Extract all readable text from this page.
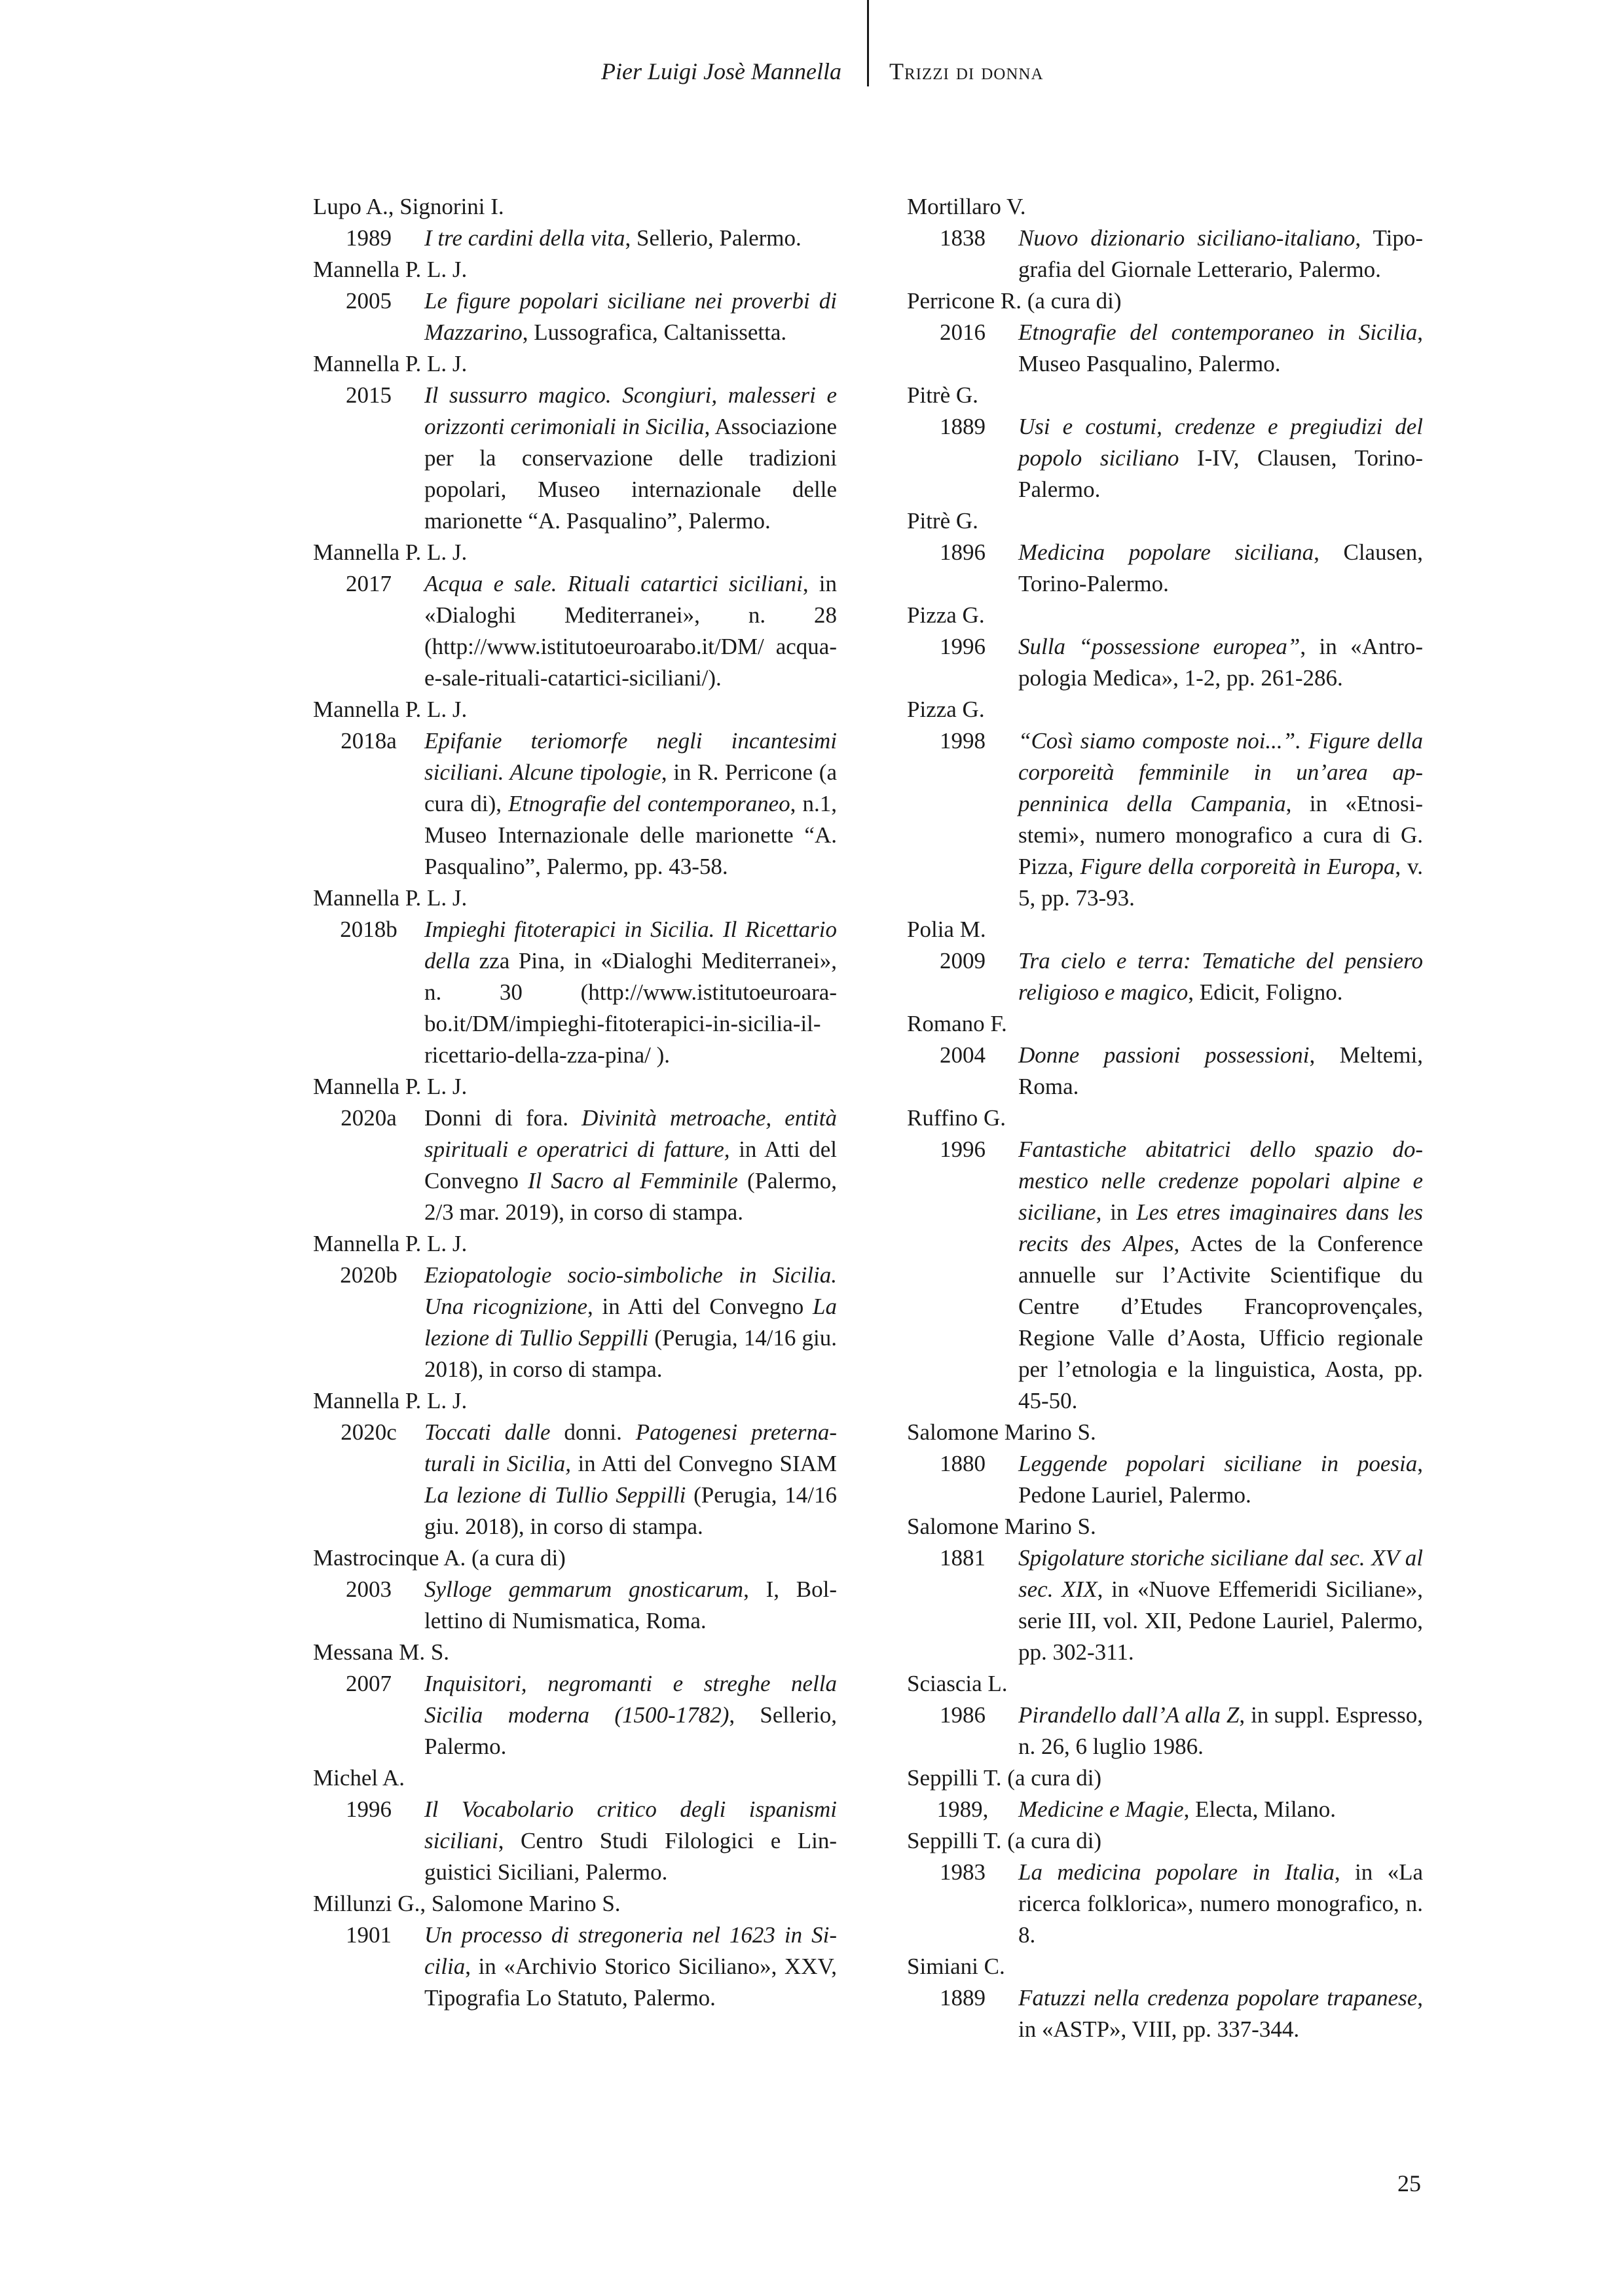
Pier Luigi Josè Mannella Trizzi di donna
Lupo A., Signorini I.
1989	I tre cardini della vita, Sellerio, Palermo.
Mannella P. L. J.
2005	Le figure popolari siciliane nei proverbi di Mazzarino, Lussografica, Caltanissetta.
Mannella P. L. J.
2015	Il sussurro magico. Scongiuri, malesseri e orizzonti cerimoniali in Sicilia, Associazione per la conservazione delle tradizioni popolari, Museo internazionale delle marionette “A. Pasqualino”, Palermo.
Mannella P. L. J.
2017	Acqua e sale. Rituali catartici siciliani, in «Dialoghi Mediterranei», n. 28 (http://www.istitutoeuroarabo.it/DM/ acqua-e-sale-rituali-catartici-siciliani/).
Mannella P. L. J.
2018a	Epifanie teriomorfe negli incantesimi siciliani. Alcune tipologie, in R. Perricone (a cura di), Etnografie del contemporaneo, n.1, Museo Internazionale delle marionette “A. Pasqualino”, Palermo, pp. 43-58.
Mannella P. L. J.
2018b	Impieghi fitoterapici in Sicilia. Il Ricettario della zza Pina, in «Dialoghi Mediterranei», n. 30 (http://www.istitutoeuroarabo.it/DM/impieghi-fitoterapici-in-sicilia-il-ricettario-della-zza-pina/ ).
Mannella P. L. J.
2020a	Donni di fora. Divinità metroache, entità spirituali e operatrici di fatture, in Atti del Convegno Il Sacro al Femminile (Palermo, 2/3 mar. 2019), in corso di stampa.
Mannella P. L. J.
2020b	Eziopatologie socio-simboliche in Sicilia. Una ricognizione, in Atti del Convegno La lezione di Tullio Seppilli (Perugia, 14/16 giu. 2018), in corso di stampa.
Mannella P. L. J.
2020c	Toccati dalle donni. Patogenesi preternaturali in Sicilia, in Atti del Convegno SIAM La lezione di Tullio Seppilli (Perugia, 14/16 giu. 2018), in corso di stampa.
Mastrocinque A. (a cura di)
2003	Sylloge gemmarum gnosticarum, I, Bollettino di Numismatica, Roma.
Messana M. S.
2007	Inquisitori, negromanti e streghe nella Sicilia moderna (1500-1782), Sellerio, Palermo.
Michel A.
1996	Il Vocabolario critico degli ispanismi siciliani, Centro Studi Filologici e Linguistici Siciliani, Palermo.
Millunzi G., Salomone Marino S.
1901	Un processo di stregoneria nel 1623 in Sicilia, in «Archivio Storico Siciliano», XXV, Tipografia Lo Statuto, Palermo.
Mortillaro V.
1838	Nuovo dizionario siciliano-italiano, Tipografia del Giornale Letterario, Palermo.
Perricone R. (a cura di)
2016	Etnografie del contemporaneo in Sicilia, Museo Pasqualino, Palermo.
Pitrè G.
1889	Usi e costumi, credenze e pregiudizi del popolo siciliano I-IV, Clausen, Torino-Palermo.
Pitrè G.
1896	Medicina popolare siciliana, Clausen, Torino-Palermo.
Pizza G.
1996	Sulla “possessione europea”, in «Antropologia Medica», 1-2, pp. 261-286.
Pizza G.
1998	“Così siamo composte noi...”. Figure della corporeità femminile in un’area appenninica della Campania, in «Etnosistemi», numero monografico a cura di G. Pizza, Figure della corporeità in Europa, v. 5, pp. 73-93.
Polia M.
2009	Tra cielo e terra: Tematiche del pensiero religioso e magico, Edicit, Foligno.
Romano F.
2004	Donne passioni possessioni, Meltemi, Roma.
Ruffino G.
1996	Fantastiche abitatrici dello spazio domestico nelle credenze popolari alpine e siciliane, in Les etres imaginaires dans les recits des Alpes, Actes de la Conference annuelle sur l’Activite Scientifique du Centre d’Etudes Francoprovençales, Regione Valle d’Aosta, Ufficio regionale per l’etnologia e la linguistica, Aosta, pp. 45-50.
Salomone Marino S.
1880	Leggende popolari siciliane in poesia, Pedone Lauriel, Palermo.
Salomone Marino S.
1881	Spigolature storiche siciliane dal sec. XV al sec. XIX, in «Nuove Effemeridi Siciliane», serie III, vol. XII, Pedone Lauriel, Palermo, pp. 302-311.
Sciascia L.
1986	Pirandello dall’A alla Z, in suppl. Espresso, n. 26, 6 luglio 1986.
Seppilli T. (a cura di)
1989,	Medicine e Magie, Electa, Milano.
Seppilli T. (a cura di)
1983	La medicina popolare in Italia, in «La ricerca folklorica», numero monografico, n. 8.
Simiani C.
1889	Fatuzzi nella credenza popolare trapanese, in «ASTP», VIII, pp. 337-344.
25
